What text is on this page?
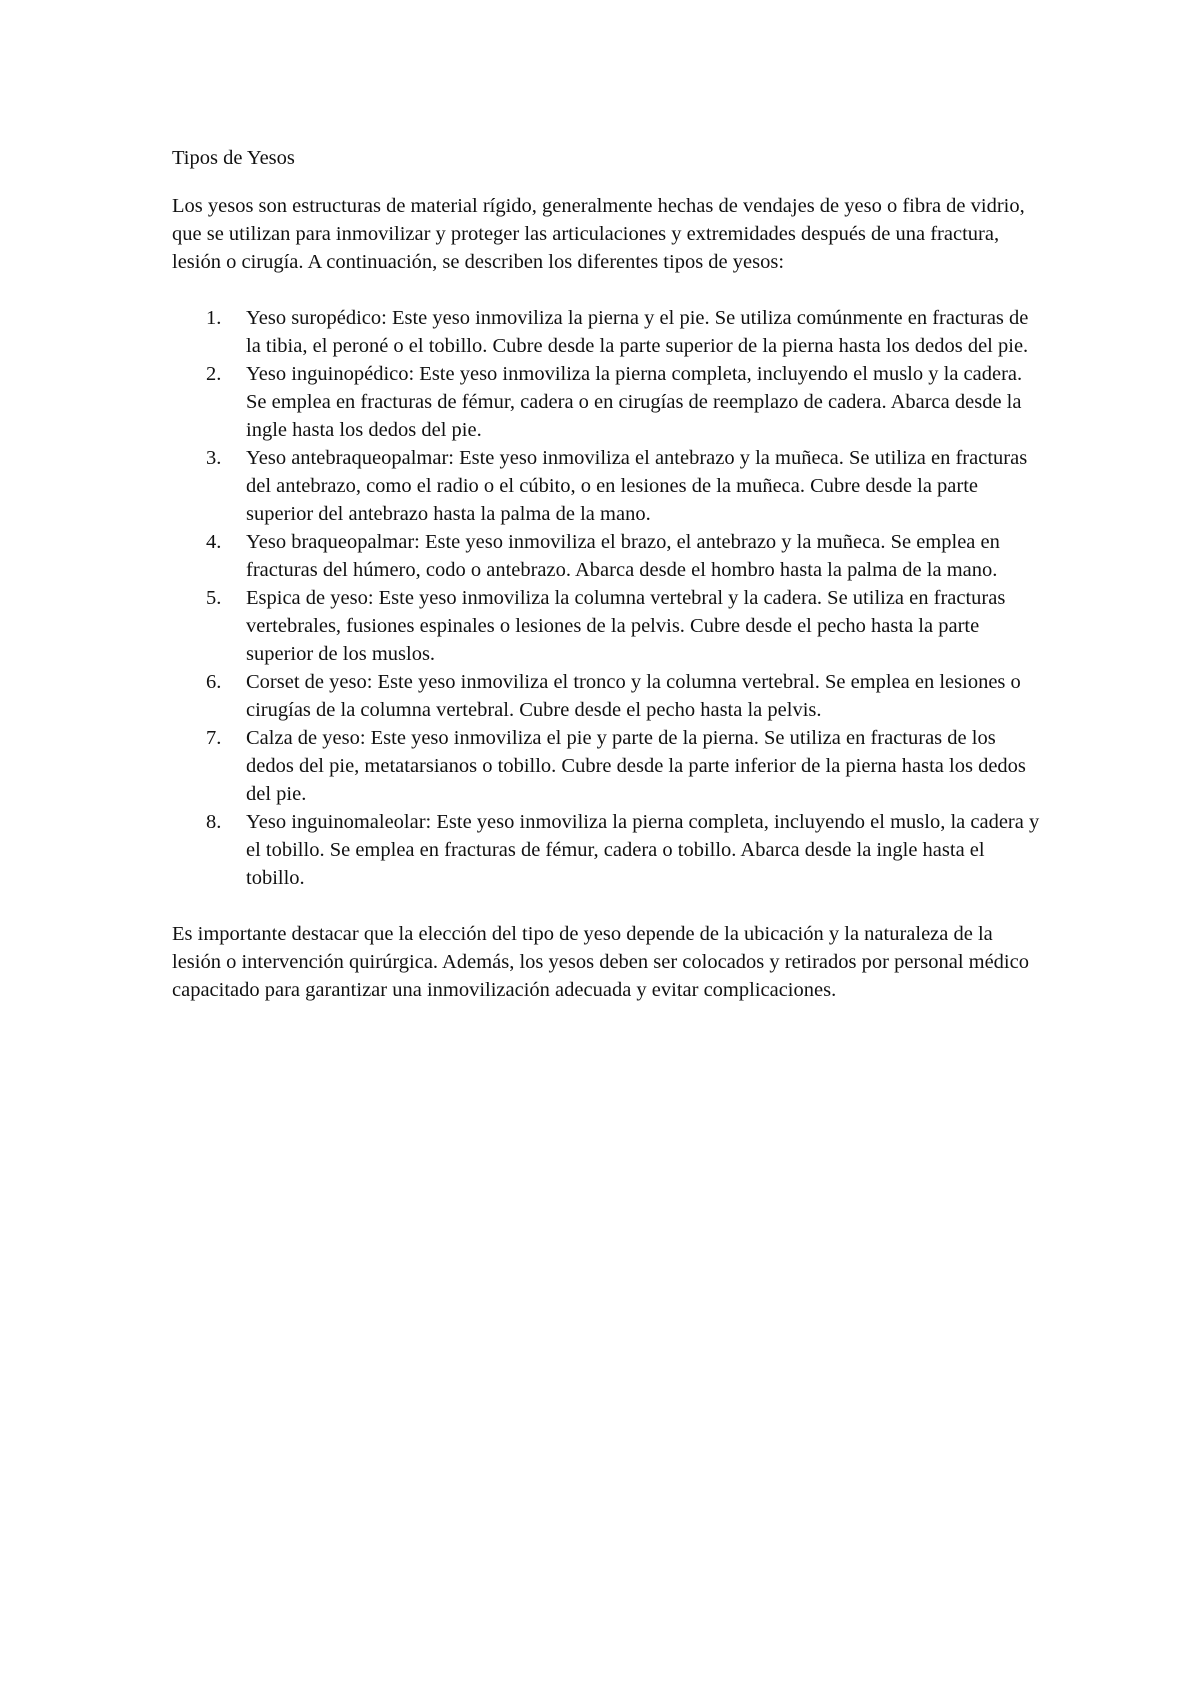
Tipos de Yesos

Los yesos son estructuras de material rígido, generalmente hechas de vendajes de yeso o fibra de vidrio, que se utilizan para inmovilizar y proteger las articulaciones y extremidades después de una fractura, lesión o cirugía. A continuación, se describen los diferentes tipos de yesos:

1.	Yeso suropédico: Este yeso inmoviliza la pierna y el pie. Se utiliza comúnmente en fracturas de la tibia, el peroné o el tobillo. Cubre desde la parte superior de la pierna hasta los dedos del pie.
2.	Yeso inguinopédico: Este yeso inmoviliza la pierna completa, incluyendo el muslo y la cadera. Se emplea en fracturas de fémur, cadera o en cirugías de reemplazo de cadera. Abarca desde la ingle hasta los dedos del pie.
3.	Yeso antebraqueopalmar: Este yeso inmoviliza el antebrazo y la muñeca. Se utiliza en fracturas del antebrazo, como el radio o el cúbito, o en lesiones de la muñeca. Cubre desde la parte superior del antebrazo hasta la palma de la mano.
4.	Yeso braqueopalmar: Este yeso inmoviliza el brazo, el antebrazo y la muñeca. Se emplea en fracturas del húmero, codo o antebrazo. Abarca desde el hombro hasta la palma de la mano.
5.	Espica de yeso: Este yeso inmoviliza la columna vertebral y la cadera. Se utiliza en fracturas vertebrales, fusiones espinales o lesiones de la pelvis. Cubre desde el pecho hasta la parte superior de los muslos.
6.	Corset de yeso: Este yeso inmoviliza el tronco y la columna vertebral. Se emplea en lesiones o cirugías de la columna vertebral. Cubre desde el pecho hasta la pelvis.
7.	Calza de yeso: Este yeso inmoviliza el pie y parte de la pierna. Se utiliza en fracturas de los dedos del pie, metatarsianos o tobillo. Cubre desde la parte inferior de la pierna hasta los dedos del pie.
8.	Yeso inguinomaleolar: Este yeso inmoviliza la pierna completa, incluyendo el muslo, la cadera y el tobillo. Se emplea en fracturas de fémur, cadera o tobillo. Abarca desde la ingle hasta el tobillo.

Es importante destacar que la elección del tipo de yeso depende de la ubicación y la naturaleza de la lesión o intervención quirúrgica. Además, los yesos deben ser colocados y retirados por personal médico capacitado para garantizar una inmovilización adecuada y evitar complicaciones.
